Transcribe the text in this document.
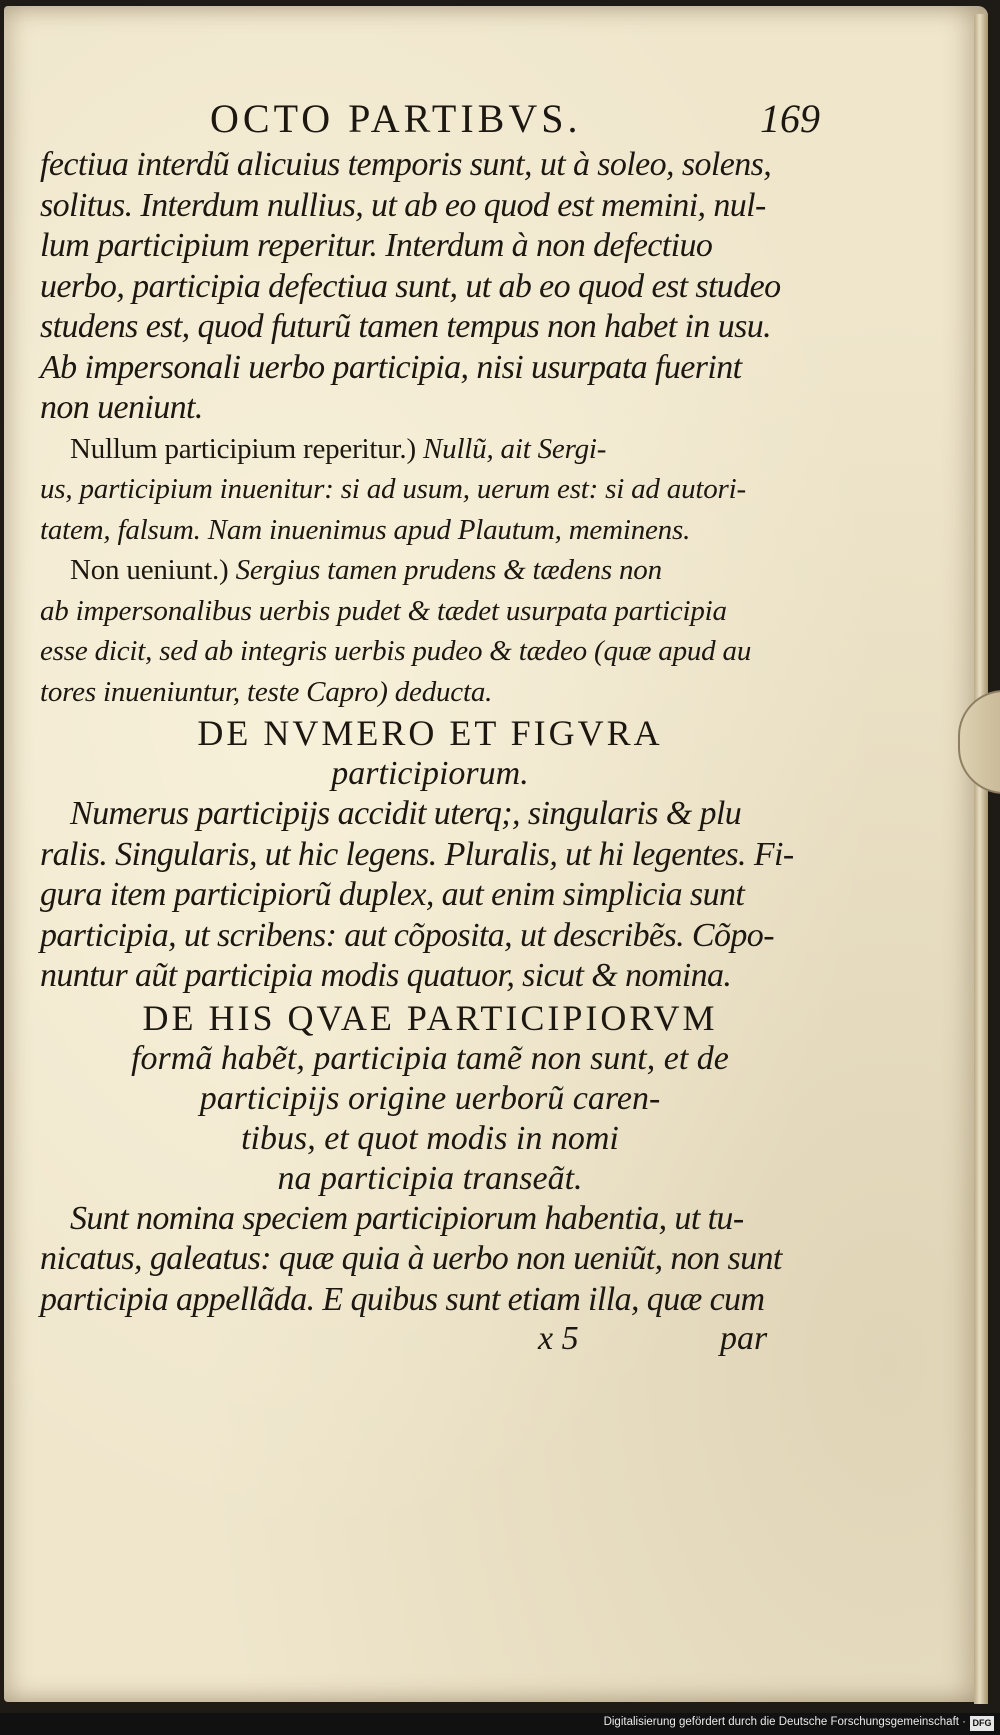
OCTO PARTIBVS.	169
fectiua interdũ alicuius temporis sunt, ut à soleo, solens,
solitus. Interdum nullius, ut ab eo quod est memini, nul-
lum participium reperitur. Interdum à non defectiuo
uerbo, participia defectiua sunt, ut ab eo quod est studeo
studens est, quod futurũ tamen tempus non habet in usu.
Ab impersonali uerbo participia, nisi usurpata fuerint
non ueniunt.
Nullum participium reperitur.) Nullũ, ait Sergi-
us, participium inuenitur: si ad usum, uerum est: si ad autori-
tatem, falsum. Nam inuenimus apud Plautum, meminens.
Non ueniunt.) Sergius tamen prudens & tædens non
ab impersonalibus uerbis pudet & tædet usurpata participia
esse dicit, sed ab integris uerbis pudeo & tædeo (quæ apud au
tores inueniuntur, teste Capro) deducta.
DE NVMERO ET FIGVRA
participiorum.
Numerus participijs accidit uterq;, singularis & plu
ralis. Singularis, ut hic legens. Pluralis, ut hi legentes. Fi-
gura item participiorũ duplex, aut enim simplicia sunt
participia, ut scribens: aut cõposita, ut describẽs. Cõpo-
nuntur aũt participia modis quatuor, sicut & nomina.
DE HIS QVAE PARTICIPIORVM
formã habẽt, participia tamẽ non sunt, et de
participijs origine uerborũ caren-
tibus, et quot modis in nomi
na participia transeãt.
Sunt nomina speciem participiorum habentia, ut tu-
nicatus, galeatus: quæ quia à uerbo non ueniũt, non sunt
participia appellãda. E quibus sunt etiam illa, quæ cum
x 5	par
Digitalisierung gefördert durch die Deutsche Forschungsgemeinschaft · DFG
